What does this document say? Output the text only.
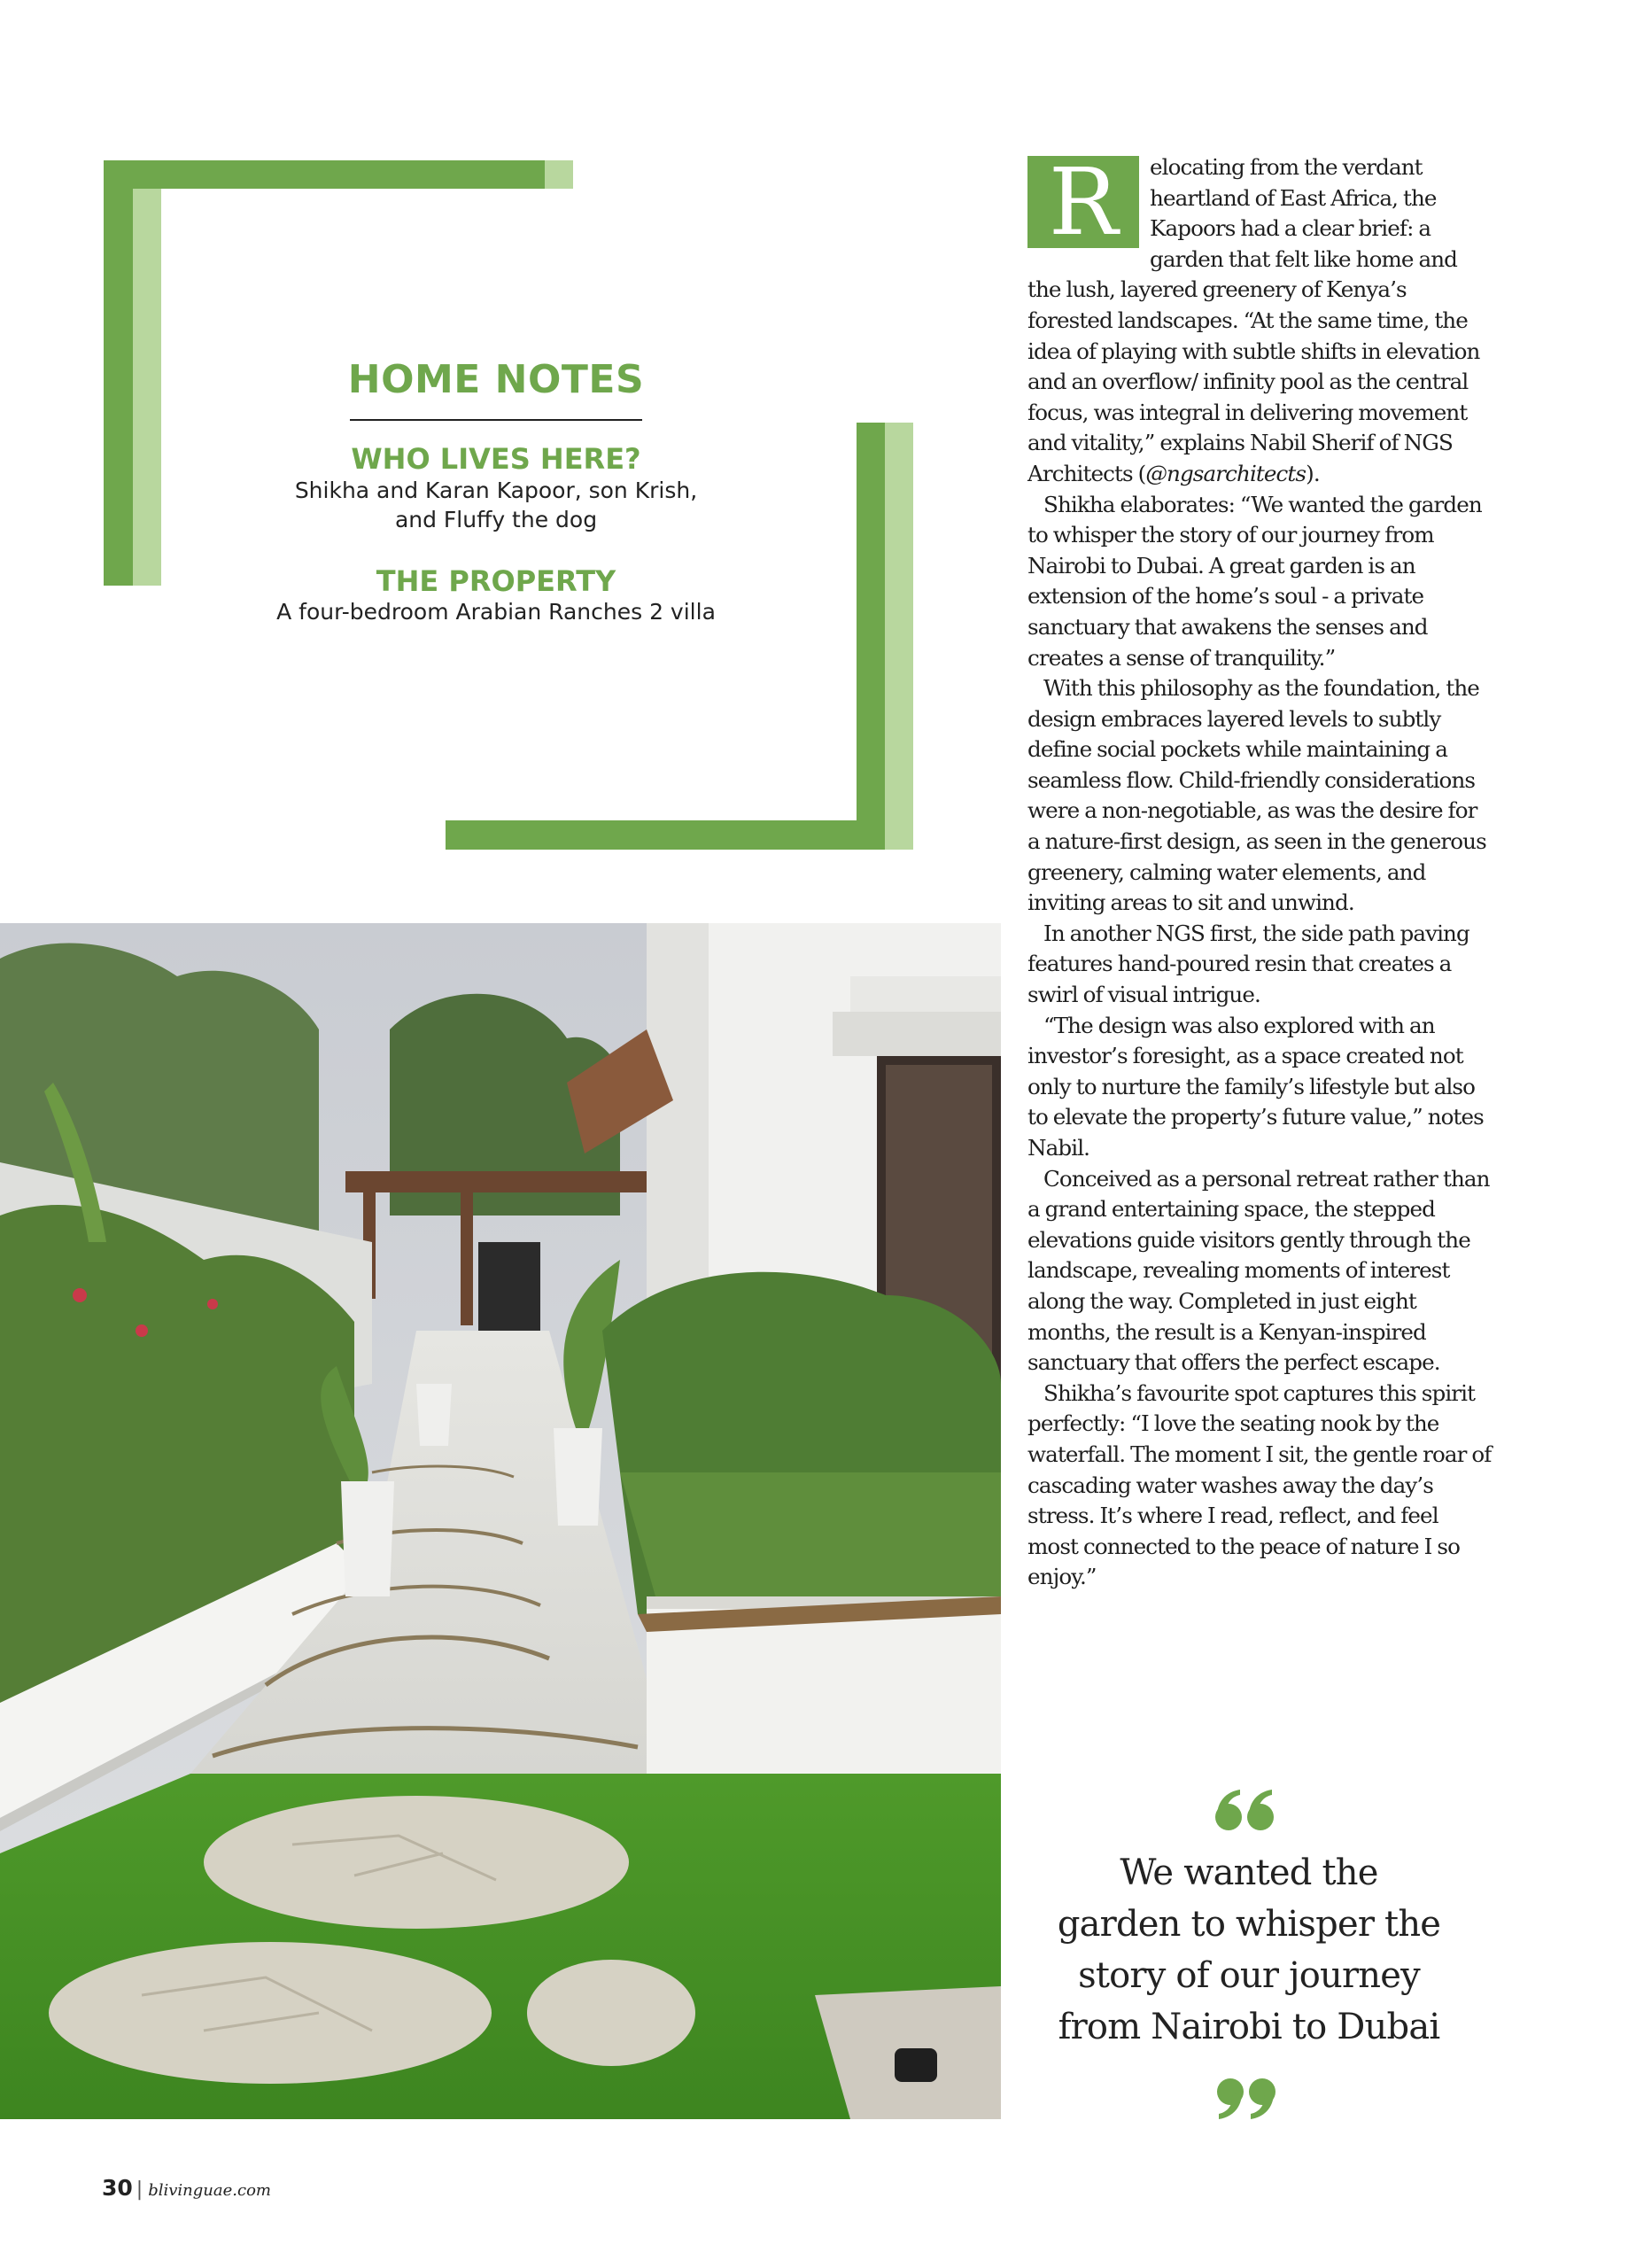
HOME NOTES
WHO LIVES HERE?
Shikha and Karan Kapoor, son Krish,
and Fluffy the dog
THE PROPERTY
A four-bedroom Arabian Ranches 2 villa

R	elocating from the verdant heartland of East Africa, the Kapoors had a clear brief: a garden that felt like home and the lush, layered greenery of Kenya’s forested landscapes. “At the same time, the idea of playing with subtle shifts in elevation and an overflow/ infinity pool as the central focus, was integral in delivering movement and vitality,” explains Nabil Sherif of NGS Architects (@ngsarchitects).

Shikha elaborates: “We wanted the garden to whisper the story of our journey from Nairobi to Dubai. A great garden is an extension of the home’s soul - a private sanctuary that awakens the senses and creates a sense of tranquility.”

With this philosophy as the foundation, the design embraces layered levels to subtly define social pockets while maintaining a seamless flow. Child-friendly considerations were a non-negotiable, as was the desire for a nature-first design, as seen in the generous greenery, calming water elements, and inviting areas to sit and unwind.

In another NGS first, the side path paving features hand-poured resin that creates a swirl of visual intrigue.

“The design was also explored with an investor’s foresight, as a space created not only to nurture the family’s lifestyle but also to elevate the property’s future value,” notes Nabil.

Conceived as a personal retreat rather than a grand entertaining space, the stepped elevations guide visitors gently through the landscape, revealing moments of interest along the way. Completed in just eight months, the result is a Kenyan-inspired sanctuary that offers the perfect escape.

Shikha’s favourite spot captures this spirit perfectly: “I love the seating nook by the waterfall. The moment I sit, the gentle roar of cascading water washes away the day’s stress. It’s where I read, reflect, and feel most connected to the peace of nature I so enjoy.”

We wanted the
garden to whisper the
story of our journey
from Nairobi to Dubai
30 | blivinguae.com
